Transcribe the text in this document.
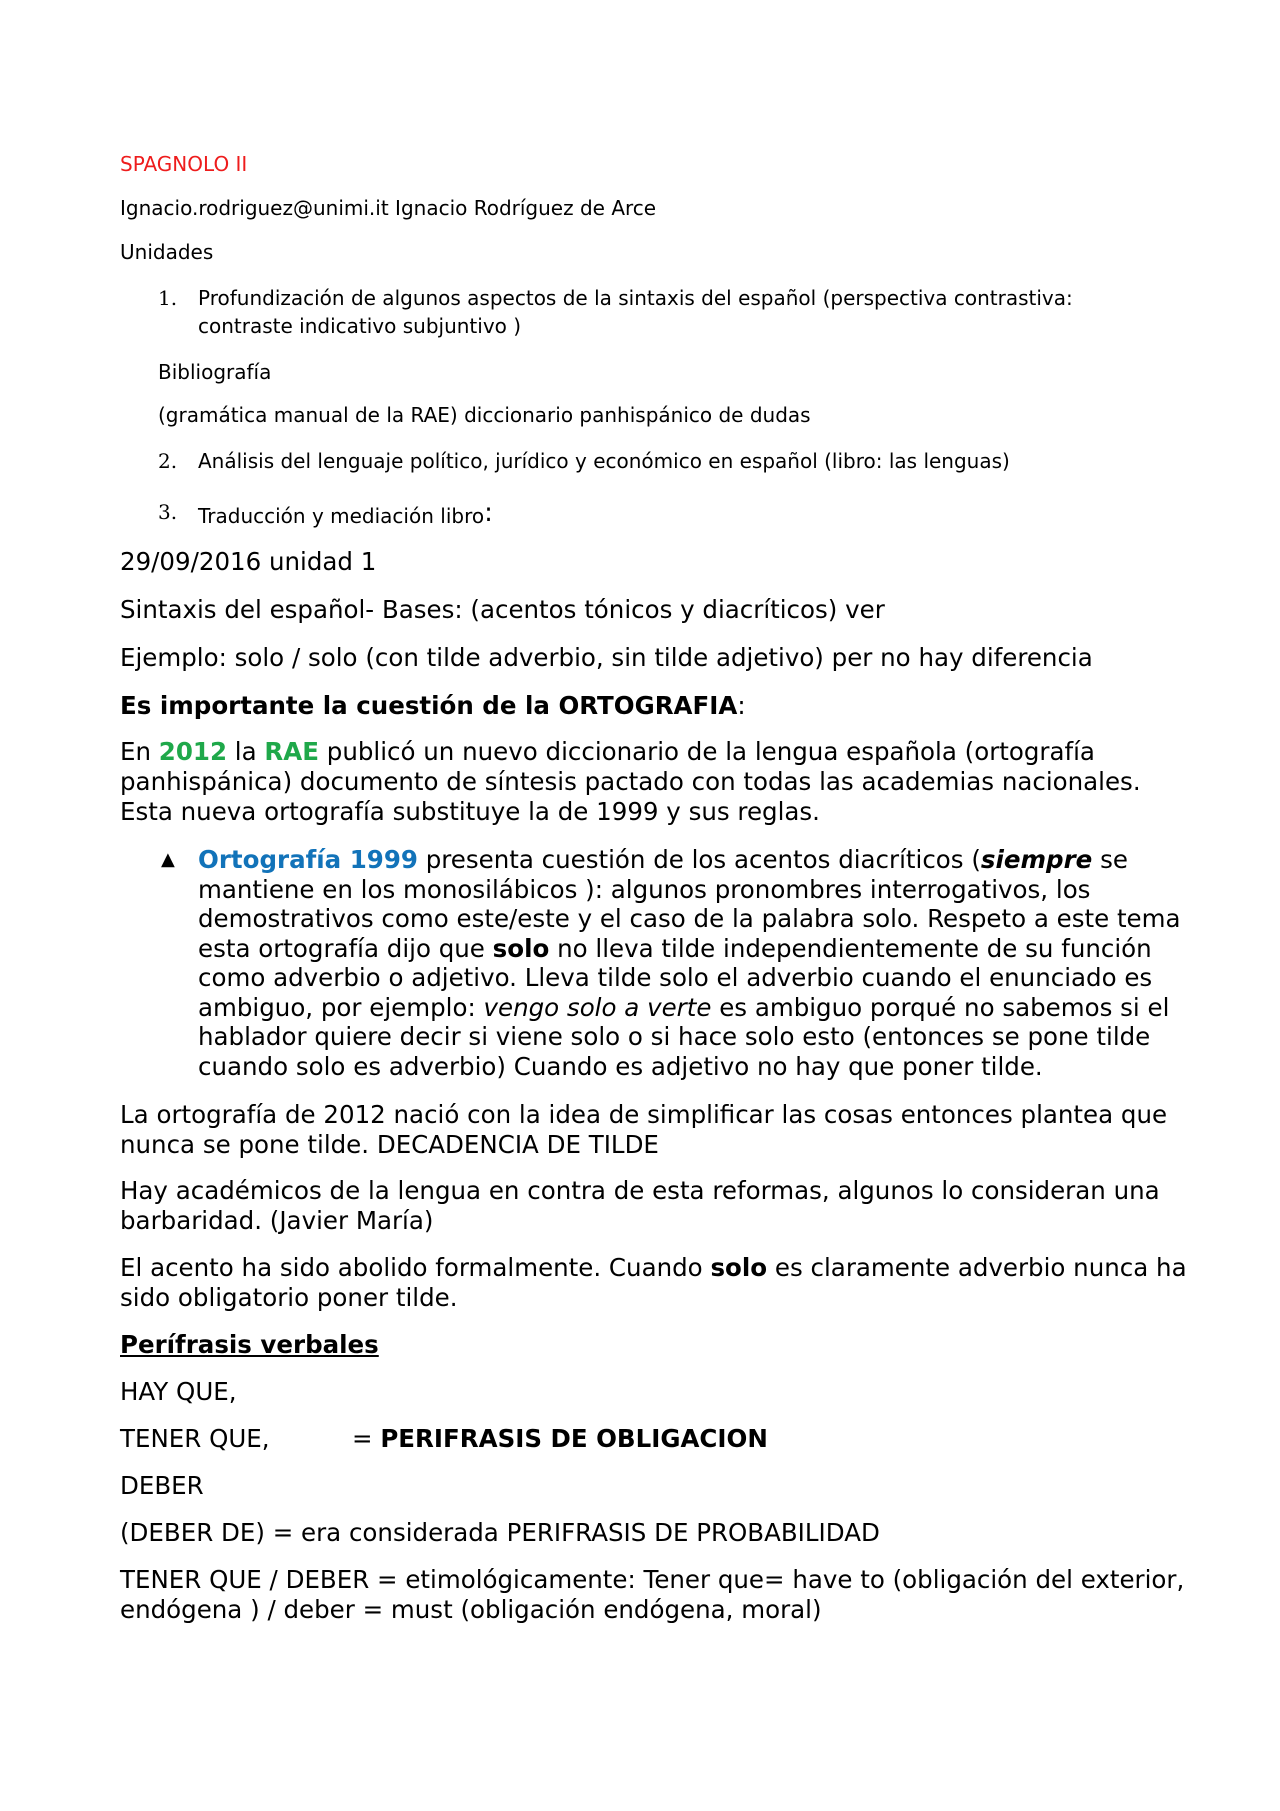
SPAGNOLO II
Ignacio.rodriguez@unimi.it Ignacio Rodríguez de Arce
Unidades
1. Profundización de algunos aspectos de la sintaxis del español (perspectiva contrastiva:
contraste indicativo subjuntivo )
Bibliografía
(gramática manual de la RAE) diccionario panhispánico de dudas
2. Análisis del lenguaje político, jurídico y económico en español (libro: las lenguas)
3. Traducción y mediación libro:
29/09/2016 unidad 1
Sintaxis del español- Bases: (acentos tónicos y diacríticos) ver
Ejemplo: solo / solo (con tilde adverbio, sin tilde adjetivo) per no hay diferencia
Es importante la cuestión de la ORTOGRAFIA:
En 2012 la RAE publicó un nuevo diccionario de la lengua española (ortografía
panhispánica) documento de síntesis pactado con todas las academias nacionales.
Esta nueva ortografía substituye la de 1999 y sus reglas.
▲ Ortografía 1999 presenta cuestión de los acentos diacríticos (siempre se
mantiene en los monosilábicos ): algunos pronombres interrogativos, los
demostrativos como este/este y el caso de la palabra solo. Respeto a este tema
esta ortografía dijo que solo no lleva tilde independientemente de su función
como adverbio o adjetivo. Lleva tilde solo el adverbio cuando el enunciado es
ambiguo, por ejemplo: vengo solo a verte es ambiguo porqué no sabemos si el
hablador quiere decir si viene solo o si hace solo esto (entonces se pone tilde
cuando solo es adverbio) Cuando es adjetivo no hay que poner tilde.
La ortografía de 2012 nació con la idea de simplificar las cosas entonces plantea que
nunca se pone tilde. DECADENCIA DE TILDE
Hay académicos de la lengua en contra de esta reformas, algunos lo consideran una
barbaridad. (Javier María)
El acento ha sido abolido formalmente. Cuando solo es claramente adverbio nunca ha
sido obligatorio poner tilde.
Perífrasis verbales
HAY QUE,
TENER QUE,	= PERIFRASIS DE OBLIGACION
DEBER
(DEBER DE) = era considerada PERIFRASIS DE PROBABILIDAD
TENER QUE / DEBER = etimológicamente: Tener que= have to (obligación del exterior,
endógena ) / deber = must (obligación endógena, moral)
